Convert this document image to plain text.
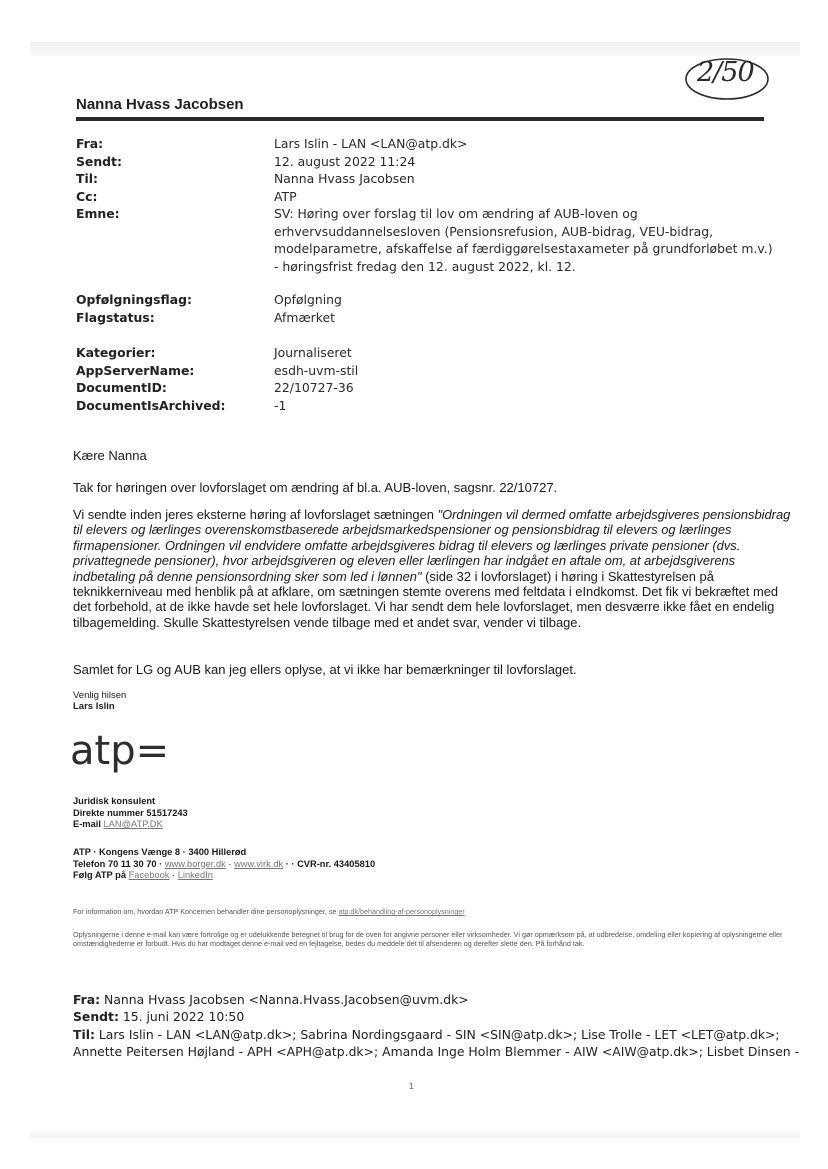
2/50
Nanna Hvass Jacobsen
Fra:	Lars Islin - LAN <LAN@atp.dk>
Sendt:	12. august 2022 11:24
Til:	Nanna Hvass Jacobsen
Cc:	ATP
Emne:	SV: Høring over forslag til lov om ændring af AUB-loven og erhvervsuddannelsesloven (Pensionsrefusion, AUB-bidrag, VEU-bidrag, modelparametre, afskaffelse af færdiggørelsestaxameter på grundforløbet m.v.) - høringsfrist fredag den 12. august 2022, kl. 12.
Opfølgningsflag:	Opfølgning
Flagstatus:	Afmærket
Kategorier:	Journaliseret
AppServerName:	esdh-uvm-stil
DocumentID:	22/10727-36
DocumentIsArchived:	-1
Kære Nanna
Tak for høringen over lovforslaget om ændring af bl.a. AUB-loven, sagsnr. 22/10727.
Vi sendte inden jeres eksterne høring af lovforslaget sætningen "Ordningen vil dermed omfatte arbejdsgiveres pensionsbidrag til elevers og lærlinges overenskomstbaserede arbejdsmarkedspensioner og pensionsbidrag til elevers og lærlinges firmapensioner. Ordningen vil endvidere omfatte arbejdsgiveres bidrag til elevers og lærlinges private pensioner (dvs. privattegnede pensioner), hvor arbejdsgiveren og eleven eller lærlingen har indgået en aftale om, at arbejdsgiverens indbetaling på denne pensionsordning sker som led i lønnen" (side 32 i lovforslaget) i høring i Skattestyrelsen på teknikkerniveau med henblik på at afklare, om sætningen stemte overens med feltdata i eIndkomst. Det fik vi bekræftet med det forbehold, at de ikke havde set hele lovforslaget. Vi har sendt dem hele lovforslaget, men desværre ikke fået en endelig tilbagemelding. Skulle Skattestyrelsen vende tilbage med et andet svar, vender vi tilbage.
Samlet for LG og AUB kan jeg ellers oplyse, at vi ikke har bemærkninger til lovforslaget.
Venlig hilsen
Lars Islin
atp=
Juridisk konsulent
Direkte nummer 51517243
E-mail LAN@ATP.DK
ATP · Kongens Vænge 8 · 3400 Hillerød
Telefon 70 11 30 70 · www.borger.dk · www.virk.dk · · CVR-nr. 43405810
Følg ATP på Facebook · LinkedIn
For information om, hvordan ATP Koncernen behandler dine personoplysninger, se atp.dk/behandling-af-personoplysninger
Oplysningerne i denne e-mail kan være fortrolige og er udelukkende beregnet til brug for de oven for angivne personer eller virksomheder. Vi gør opmærksom på, at udbredelse, omdeling eller kopiering af oplysningerne eller omstændighederne er forbudt. Hvis du har modtaget denne e-mail ved en fejltagelse, bedes du meddele det til afsenderen og derefter slette den. På forhånd tak.
Fra: Nanna Hvass Jacobsen <Nanna.Hvass.Jacobsen@uvm.dk>
Sendt: 15. juni 2022 10:50
Til: Lars Islin - LAN <LAN@atp.dk>; Sabrina Nordingsgaard - SIN <SIN@atp.dk>; Lise Trolle - LET <LET@atp.dk>;
Annette Peitersen Højland - APH <APH@atp.dk>; Amanda Inge Holm Blemmer - AIW <AIW@atp.dk>; Lisbet Dinsen -
1
